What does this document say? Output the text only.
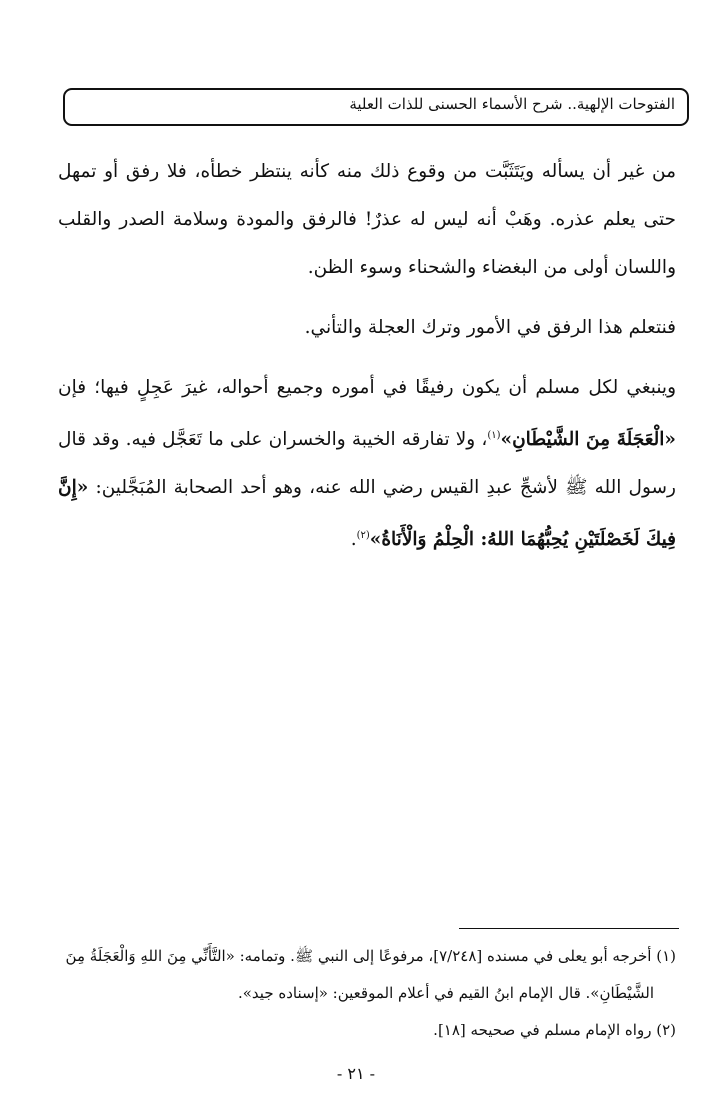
الفتوحات الإلهية.. شرح الأسماء الحسنى للذات العلية

من غير أن يسأله ويَتَثَبَّت من وقوع ذلك منه كأنه ينتظر خطأه، فلا رفق أو تمهل حتى يعلم عذره. وهَبْ أنه ليس له عذرٌ! فالرفق والمودة وسلامة الصدر والقلب واللسان أولى من البغضاء والشحناء وسوء الظن.

فنتعلم هذا الرفق في الأمور وترك العجلة والتأني.

وينبغي لكل مسلم أن يكون رفيقًا في أموره وجميع أحواله، غيرَ عَجِلٍ فيها؛ فإن «الْعَجَلَةَ مِنَ الشَّيْطَانِ»$^{(١)}$، ولا تفارقه الخيبة والخسران على ما تَعَجَّل فيه. وقد قال رسول الله ﷺ لأشجِّ عبدِ القيس رضي الله عنه، وهو أحد الصحابة المُبَجَّلين: «إِنَّ فِيكَ لَخَصْلَتَيْنِ يُحِبُّهُمَا اللهُ: الْحِلْمُ وَالْأَنَاةُ»$^{(٢)}$.

(١) أخرجه أبو يعلى في مسنده [٧/٢٤٨]، مرفوعًا إلى النبي ﷺ. وتمامه: «التَّأَنِّي مِنَ اللهِ وَالْعَجَلَةُ مِنَ

الشَّيْطَانِ». قال الإمام ابنُ القيم في أعلام الموقعين: «إسناده جيد».

(٢) رواه الإمام مسلم في صحيحه [١٨].

- ٢١ -
